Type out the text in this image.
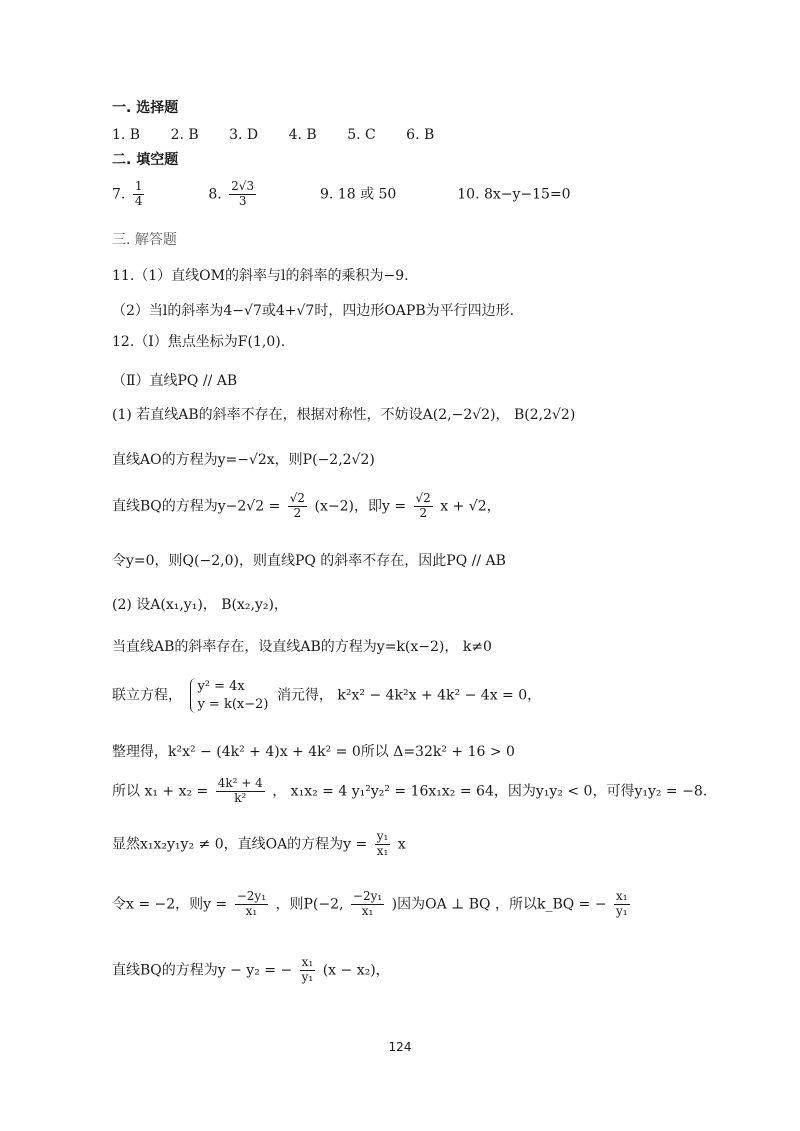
一. 选择题
1. B 2. B 3. D 4. B 5. C 6. B
二. 填空题
7. $\frac{1}{4}$	8. $\frac{2√3}{3}$	9. 18 或 50	10. 8x−y−15=0
三. 解答题
11.（1）直线OM的斜率与l的斜率的乘积为−9.
（2）当l的斜率为4−√7或4+√7时，四边形OAPB为平行四边形.
12.（Ⅰ）焦点坐标为F(1,0).
（Ⅱ）直线PQ // AB
(1) 若直线AB的斜率不存在，根据对称性，不妨设A(2,−2√2)， B(2,2√2)
直线AO的方程为y=−√2x，则P(−2,2√2)
直线BQ的方程为$y-2√2 = \frac{√2}{2} (x-2)$，即$y = \frac{√2}{2}$ x + √2，
令y=0，则Q(−2,0)，则直线PQ 的斜率不存在，因此PQ // AB
(2) 设A(x₁,y₁)， B(x₂,y₂)，
当直线AB的斜率存在，设直线AB的方程为y=k(x−2)， k≠0
联立方程，
y² = 4x
y = k(x−2)
消元得， k²x² − 4k²x + 4k² − 4x = 0，
整理得，k²x² − (4k² + 4)x + 4k² = 0所以 Δ=32k² + 16 > 0
所以 $x_1 + x_2 = \frac{\text{4k² + 4}}{\text{k²}}$ ， x₁x₂ = 4 y₁²y₂² = 16x₁x₂ = 64，因为y₁y₂ < 0，可得y₁y₂ = −8.
显然x₁x₂y₁y₂ ≠ 0，直线OA的方程为$y = \frac{\text{y₁}}{\text{x₁}}$ x
令x = −2，则$y = \frac{\text{−2y₁}}{\text{x₁}}$ ，则P(−2, $\frac{\text{−2y₁}}{\text{x₁}}$ )因为OA ⊥ BQ ，所以k_BQ = − $\frac{\text{x₁}}{\text{y₁}}$
直线BQ的方程为y − y₂ = − $\frac{\text{x₁}}{\text{y₁}} (x - x_2)$，
124
